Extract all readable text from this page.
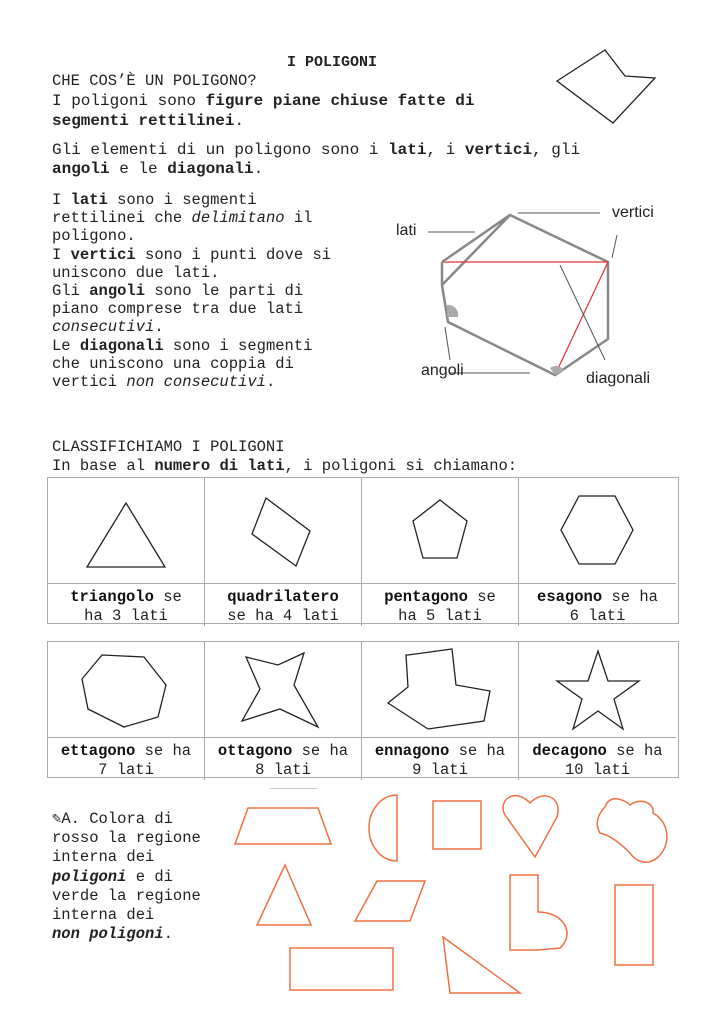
I POLIGONI
CHE COS’È UN POLIGONO?
I poligoni sono figure piane chiuse fatte di segmenti rettilinei.
Gli elementi di un poligono sono i lati, i vertici, gli
angoli e le diagonali.
I lati sono i segmenti
rettilinei che delimitano il
poligono.
I vertici sono i punti dove si
uniscono due lati.
Gli angoli sono le parti di
piano comprese tra due lati
consecutivi.
Le diagonali sono i segmenti
che uniscono una coppia di
vertici non consecutivi.
lati
vertici
angoli	diagonali
CLASSIFICHIAMO I POLIGONI
In base al numero di lati, i poligoni si chiamano:
triangolo se
ha 3 lati
quadrilatero
se ha 4 lati
pentagono se
ha 5 lati
esagono se ha
6 lati
ettagono se ha
7 lati
ottagono se ha
8 lati
ennagono se ha
9 lati
decagono se ha
10 lati
✎A. Colora di
rosso la regione
interna dei
poligoni e di
verde la regione
interna dei
non poligoni.
